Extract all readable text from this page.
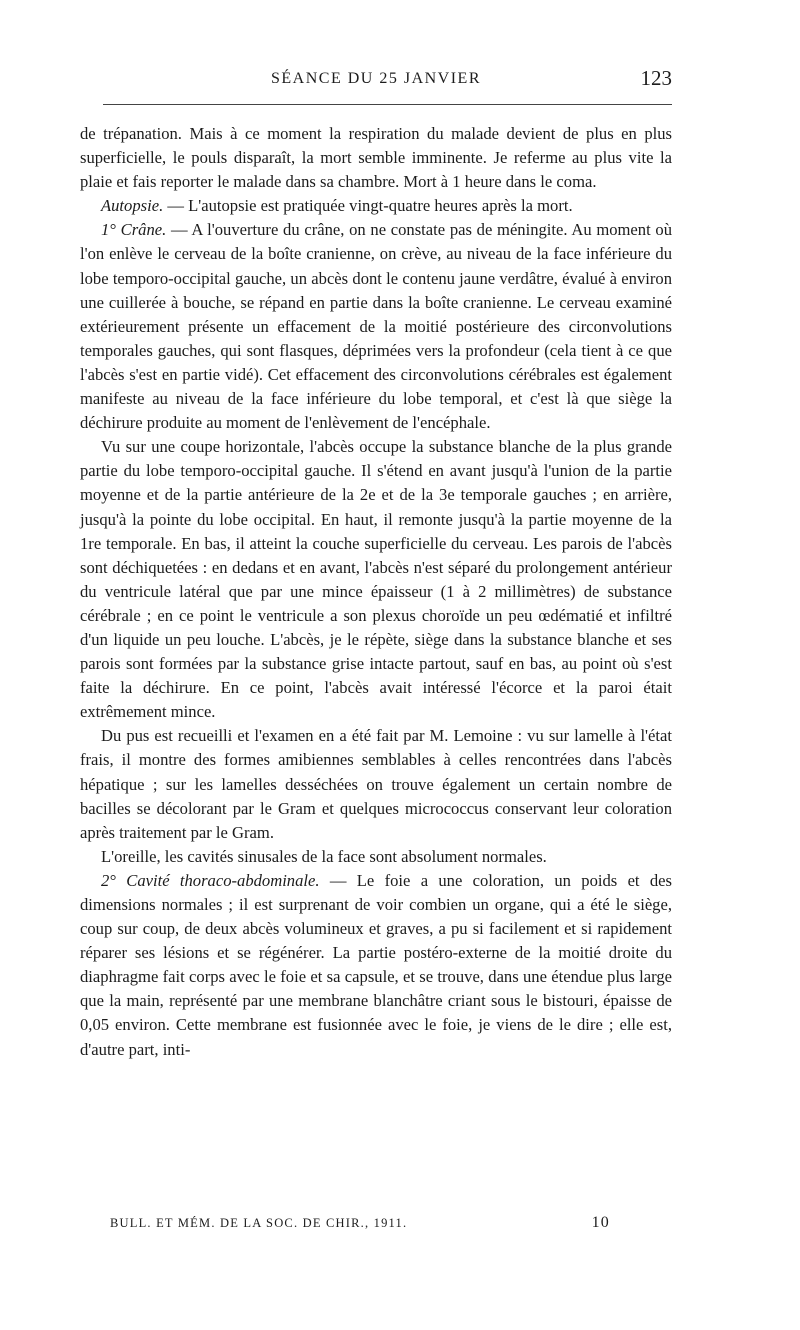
SÉANCE DU 25 JANVIER	123

de trépanation. Mais à ce moment la respiration du malade devient de plus en plus superficielle, le pouls disparaît, la mort semble imminente. Je referme au plus vite la plaie et fais reporter le malade dans sa chambre. Mort à 1 heure dans le coma.

Autopsie. — L'autopsie est pratiquée vingt-quatre heures après la mort.

1° Crâne. — A l'ouverture du crâne, on ne constate pas de méningite. Au moment où l'on enlève le cerveau de la boîte cranienne, on crève, au niveau de la face inférieure du lobe temporo-occipital gauche, un abcès dont le contenu jaune verdâtre, évalué à environ une cuillerée à bouche, se répand en partie dans la boîte cranienne. Le cerveau examiné extérieurement présente un effacement de la moitié postérieure des circonvolutions temporales gauches, qui sont flasques, déprimées vers la profondeur (cela tient à ce que l'abcès s'est en partie vidé). Cet effacement des circonvolutions cérébrales est également manifeste au niveau de la face inférieure du lobe temporal, et c'est là que siège la déchirure produite au moment de l'enlèvement de l'encéphale.

Vu sur une coupe horizontale, l'abcès occupe la substance blanche de la plus grande partie du lobe temporo-occipital gauche. Il s'étend en avant jusqu'à l'union de la partie moyenne et de la partie antérieure de la 2e et de la 3e temporale gauches ; en arrière, jusqu'à la pointe du lobe occipital. En haut, il remonte jusqu'à la partie moyenne de la 1re temporale. En bas, il atteint la couche superficielle du cerveau. Les parois de l'abcès sont déchiquetées : en dedans et en avant, l'abcès n'est séparé du prolongement antérieur du ventricule latéral que par une mince épaisseur (1 à 2 millimètres) de substance cérébrale ; en ce point le ventricule a son plexus choroïde un peu œdématié et infiltré d'un liquide un peu louche. L'abcès, je le répète, siège dans la substance blanche et ses parois sont formées par la substance grise intacte partout, sauf en bas, au point où s'est faite la déchirure. En ce point, l'abcès avait intéressé l'écorce et la paroi était extrêmement mince.

Du pus est recueilli et l'examen en a été fait par M. Lemoine : vu sur lamelle à l'état frais, il montre des formes amibiennes semblables à celles rencontrées dans l'abcès hépatique ; sur les lamelles desséchées on trouve également un certain nombre de bacilles se décolorant par le Gram et quelques micrococcus conservant leur coloration après traitement par le Gram.

L'oreille, les cavités sinusales de la face sont absolument normales.

2° Cavité thoraco-abdominale. — Le foie a une coloration, un poids et des dimensions normales ; il est surprenant de voir combien un organe, qui a été le siège, coup sur coup, de deux abcès volumineux et graves, a pu si facilement et si rapidement réparer ses lésions et se régénérer. La partie postéro-externe de la moitié droite du diaphragme fait corps avec le foie et sa capsule, et se trouve, dans une étendue plus large que la main, représenté par une membrane blanchâtre criant sous le bistouri, épaisse de 0,05 environ. Cette membrane est fusionnée avec le foie, je viens de le dire ; elle est, d'autre part, inti-

BULL. ET MÉM. DE LA SOC. DE CHIR., 1911.	10
